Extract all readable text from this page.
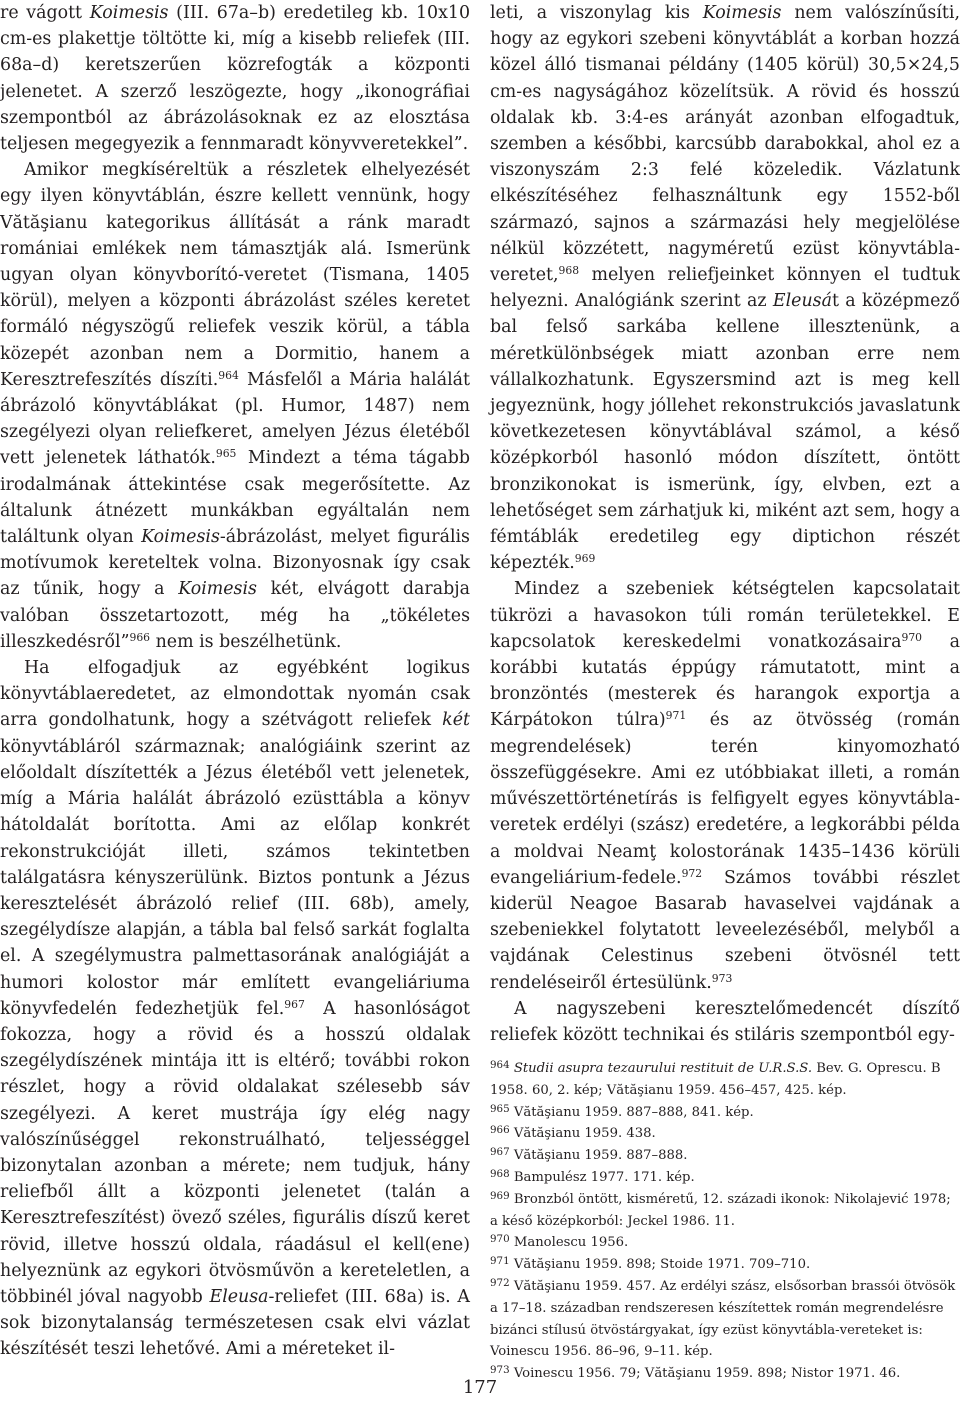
re vágott Koimesis (III. 67a–b) eredetileg kb. 10x10 cm-es plakettje töltötte ki, míg a kisebb reliefek (III. 68a–d) keretszerűen közrefogták a központi jelenetet. A szerző leszögezte, hogy „ikonográfiai szempontból az ábrázolásoknak ez az elosztása teljesen megegyezik a fennmaradt könyvveretekkel”.

Amikor megkíséreltük a részletek elhelyezését egy ilyen könyvtáblán, észre kellett vennünk, hogy Vătăşianu kategorikus állítását a ránk maradt romániai emlékek nem támasztják alá. Ismerünk ugyan olyan könyvborító-veretet (Tismana, 1405 körül), melyen a központi ábrázolást széles keretet formáló négyszögű reliefek veszik körül, a tábla közepét azonban nem a Dormitio, hanem a Keresztrefeszítés díszíti.$^{964}$ Másfelől a Mária halálát ábrázoló könyvtáblákat (pl. Humor, 1487) nem szegélyezi olyan reliefkeret, amelyen Jézus életéből vett jelenetek láthatók.$^{965}$ Mindezt a téma tágabb irodalmának áttekintése csak megerősítette. Az általunk átnézett munkákban egyáltalán nem találtunk olyan Koimesis-ábrázolást, melyet figurális motívumok kereteltek volna. Bizonyosnak így csak az tűnik, hogy a Koimesis két, elvágott darabja valóban összetartozott, még ha „tökéletes illeszkedésről”$^{966}$ nem is beszélhetünk.

Ha elfogadjuk az egyébként logikus könyvtáblaeredetet, az elmondottak nyomán csak arra gondolhatunk, hogy a szétvágott reliefek két könyvtábláról származnak; analógiáink szerint az előoldalt díszítették a Jézus életéből vett jelenetek, míg a Mária halálát ábrázoló ezüsttábla a könyv hátoldalát borította. Ami az előlap konkrét rekonstrukcióját illeti, számos tekintetben találgatásra kényszerülünk. Biztos pontunk a Jézus keresztelését ábrázoló relief (III. 68b), amely, szegélydísze alapján, a tábla bal felső sarkát foglalta el. A szegélymustra palmettasorának analógiáját a humori kolostor már említett evangeliáriuma könyvfedelén fedezhetjük fel.$^{967}$ A hasonlóságot fokozza, hogy a rövid és a hosszú oldalak szegélydíszének mintája itt is eltérő; további rokon részlet, hogy a rövid oldalakat szélesebb sáv szegélyezi. A keret mustrája így elég nagy valószínűséggel rekonstruálható, teljességgel bizonytalan azonban a mérete; nem tudjuk, hány reliefből állt a központi jelenetet (talán a Keresztrefeszítést) övező széles, figurális díszű keret rövid, illetve hosszú oldala, ráadásul el kell(ene) helyeznünk az egykori ötvösművön a kereteletlen, a többinél jóval nagyobb Eleusa-reliefet (III. 68a) is. A sok bizonytalanság természetesen csak elvi vázlat készítését teszi lehetővé. Ami a méreteket il-

leti, a viszonylag kis Koimesis nem valószínűsíti, hogy az egykori szebeni könyvtáblát a korban hozzá közel álló tismanai példány (1405 körül) 30,5×24,5 cm-es nagyságához közelítsük. A rövid és hosszú oldalak kb. 3:4-es arányát azonban elfogadtuk, szemben a későbbi, karcsúbb darabokkal, ahol ez a viszonyszám 2:3 felé közeledik. Vázlatunk elkészítéséhez felhasználtunk egy 1552-ből származó, sajnos a származási hely megjelölése nélkül közzétett, nagyméretű ezüst könyvtábla-veretet,$^{968}$ melyen reliefjeinket könnyen el tudtuk helyezni. Analógiánk szerint az Eleusát a középmező bal felső sarkába kellene illesztenünk, a méretkülönbségek miatt azonban erre nem vállalkozhatunk. Egyszersmind azt is meg kell jegyeznünk, hogy jóllehet rekonstrukciós javaslatunk következetesen könyvtáblával számol, a késő középkorból hasonló módon díszített, öntött bronzikonokat is ismerünk, így, elvben, ezt a lehetőséget sem zárhatjuk ki, miként azt sem, hogy a fémtáblák eredetileg egy diptichon részét képezték.$^{969}$

Mindez a szebeniek kétségtelen kapcsolatait tükrözi a havasokon túli román területekkel. E kapcsolatok kereskedelmi vonatkozásaira$^{970}$ a korábbi kutatás éppúgy rámutatott, mint a bronzöntés (mesterek és harangok exportja a Kárpátokon túlra)$^{971}$ és az ötvösség (román megrendelések) terén kinyomozható összefüggésekre. Ami ez utóbbiakat illeti, a román művészettörténetírás is felfigyelt egyes könyvtábla-veretek erdélyi (szász) eredetére, a legkorábbi példa a moldvai Neamţ kolostorának 1435–1436 körüli evangeliárium-fedele.$^{972}$ Számos további részlet kiderül Neagoe Basarab havaselvei vajdának a szebeniekkel folytatott leveelezéséből, melyből a vajdának Celestinus szebeni ötvösnél tett rendeléseiről értesülünk.$^{973}$

A nagyszebeni keresztelőmedencét díszítő reliefek között technikai és stiláris szempontból egy-

$^{964}$ Studii asupra tezaurului restituit de U.R.S.S. Bev. G. Oprescu. B 1958. 60, 2. kép; Vătăşianu 1959. 456–457, 425. kép.
$^{965}$ Vătăşianu 1959. 887–888, 841. kép.
$^{966}$ Vătăşianu 1959. 438.
$^{967}$ Vătăşianu 1959. 887–888.
$^{968}$ Bampulész 1977. 171. kép.
$^{969}$ Bronzból öntött, kisméretű, 12. századi ikonok: Nikolajević 1978; a késő középkorból: Jeckel 1986. 11.
$^{970}$ Manolescu 1956.
$^{971}$ Vătăşianu 1959. 898; Stoide 1971. 709–710.
$^{972}$ Vătăşianu 1959. 457. Az erdélyi szász, elsősorban brassói ötvösök a 17–18. században rendszeresen készítettek román megrendelésre bizánci stílusú ötvöstárgyakat, így ezüst könyvtábla-vereteket is: Voinescu 1956. 86–96, 9–11. kép.
$^{973}$ Voinescu 1956. 79; Vătăşianu 1959. 898; Nistor 1971. 46.
177
